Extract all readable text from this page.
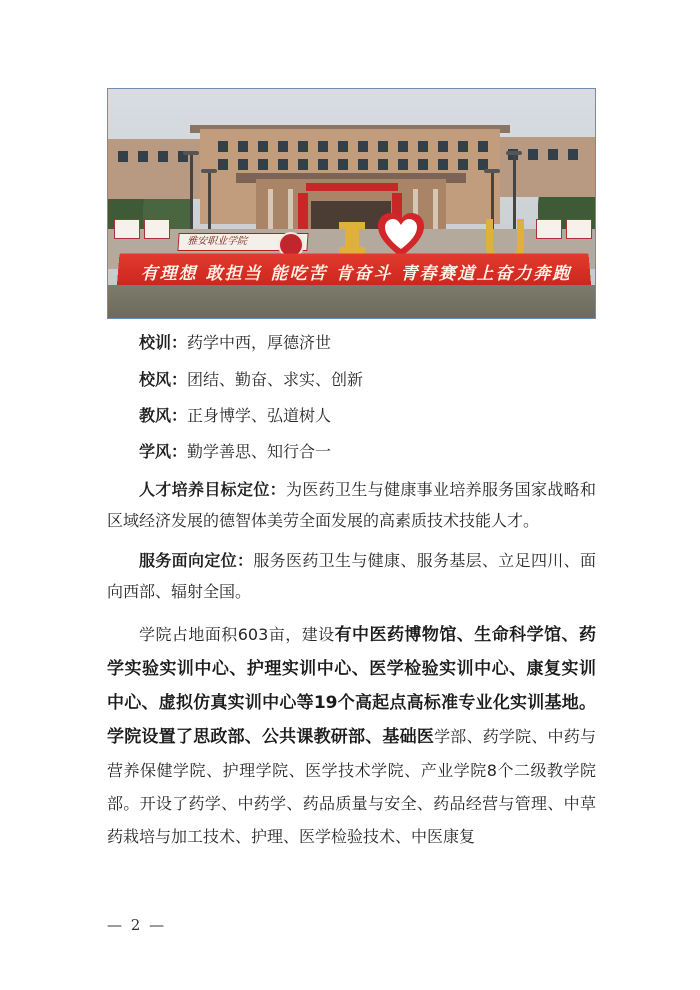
雅安职业学院
有理想 敢担当 能吃苦 肯奋斗 青春赛道上奋力奔跑
校训：药学中西，厚德济世
校风：团结、勤奋、求实、创新
教风：正身博学、弘道树人
学风：勤学善思、知行合一

人才培养目标定位：为医药卫生与健康事业培养服务国家战略和区域经济发展的德智体美劳全面发展的高素质技术技能人才。

服务面向定位：服务医药卫生与健康、服务基层、立足四川、面向西部、辐射全国。

学院占地面积603亩，建设有中医药博物馆、生命科学馆、药学实验实训中心、护理实训中心、医学检验实训中心、康复实训中心、虚拟仿真实训中心等19个高起点高标准专业化实训基地。学院设置了思政部、公共课教研部、基础医学部、药学院、中药与营养保健学院、护理学院、医学技术学院、产业学院8个二级教学院部。开设了药学、中药学、药品质量与安全、药品经营与管理、中草药栽培与加工技术、护理、医学检验技术、中医康复

— 2 —
